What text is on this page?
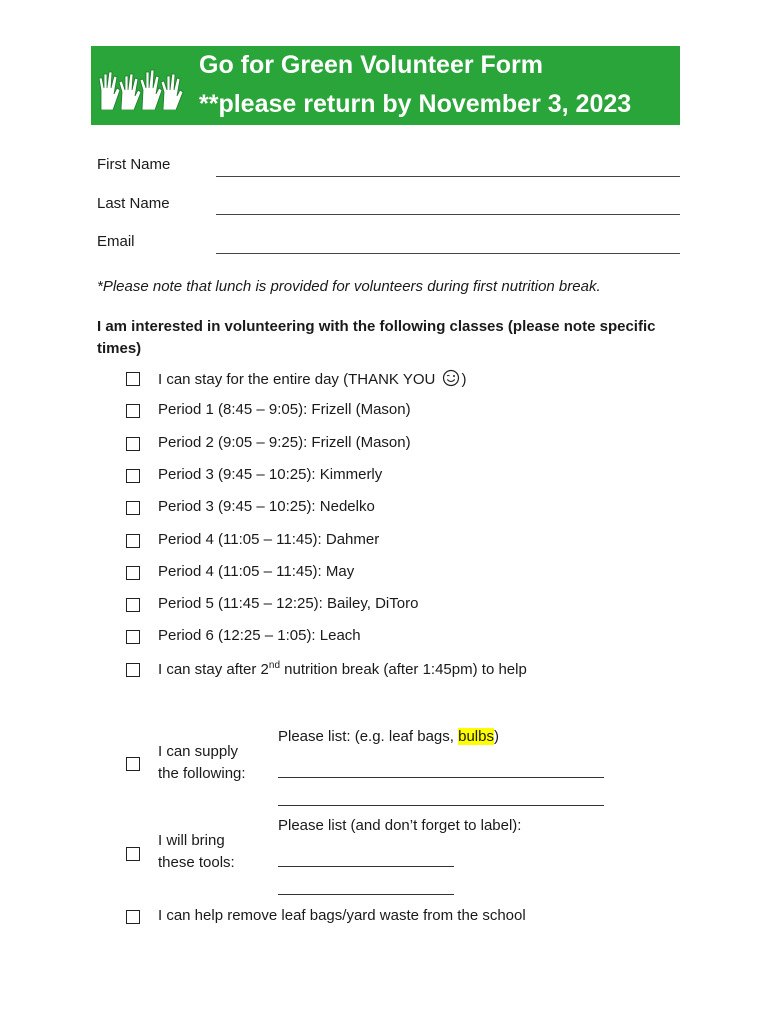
Go for Green Volunteer Form
**please return by November 3, 2023
First Name
Last Name
Email
*Please note that lunch is provided for volunteers during first nutrition break.
I am interested in volunteering with the following classes (please note specific times)
I can stay for the entire day (THANK YOU )
Period 1 (8:45 – 9:05): Frizell (Mason)
Period 2 (9:05 – 9:25): Frizell (Mason)
Period 3 (9:45 – 10:25): Kimmerly
Period 3 (9:45 – 10:25): Nedelko
Period 4 (11:05 – 11:45): Dahmer
Period 4 (11:05 – 11:45): May
Period 5 (11:45 – 12:25): Bailey, DiToro
Period 6 (12:25 – 1:05): Leach
I can stay after 2nd nutrition break (after 1:45pm) to help
I can supply
the following:
Please list: (e.g. leaf bags, bulbs)
I will bring
these tools:
Please list (and don’t forget to label):
I can help remove leaf bags/yard waste from the school
